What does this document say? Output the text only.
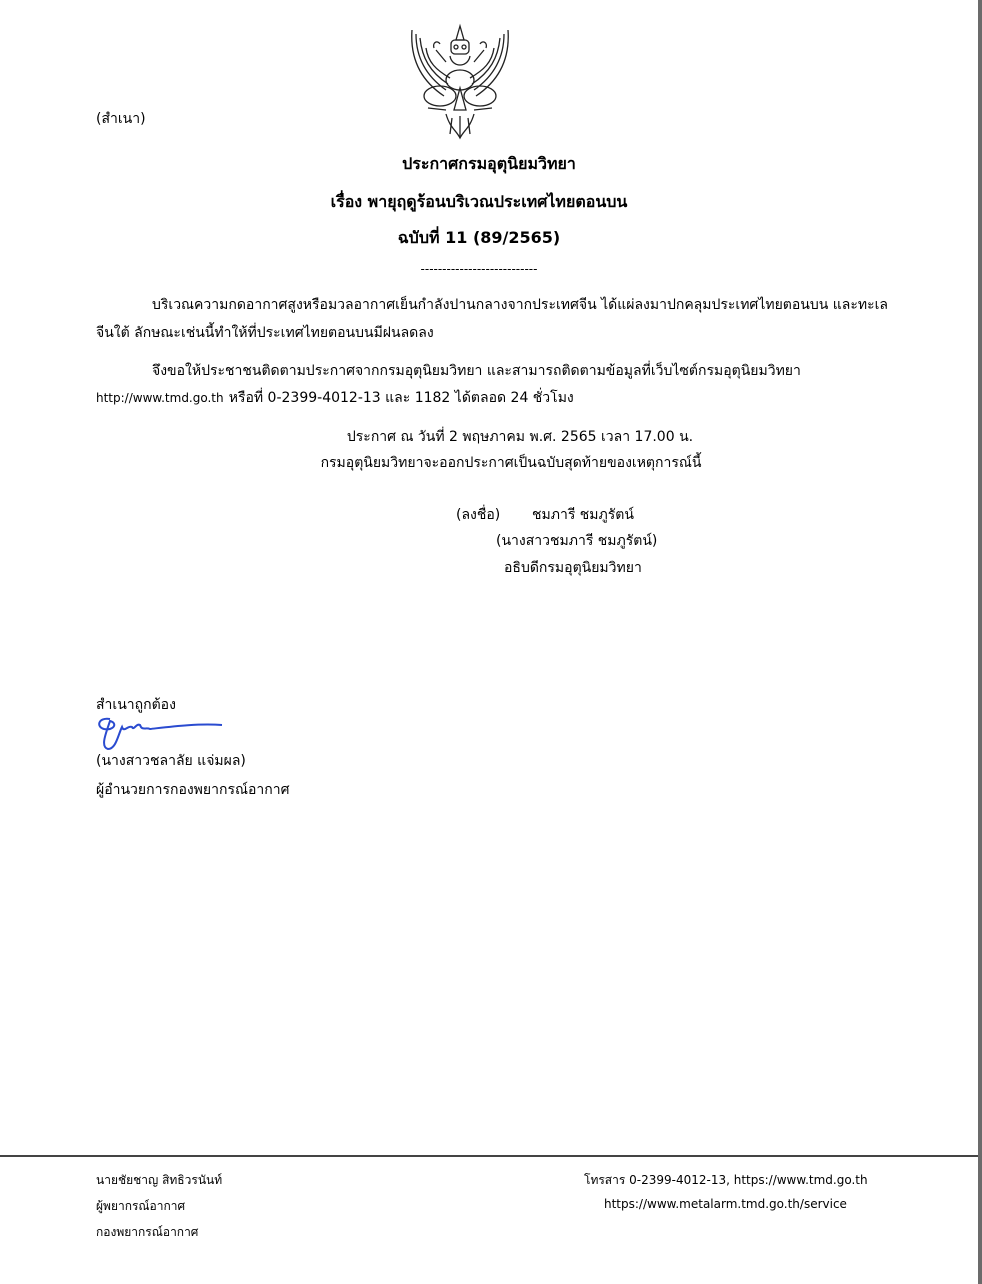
(สำเนา)
ประกาศกรมอุตุนิยมวิทยา
เรื่อง พายุฤดูร้อนบริเวณประเทศไทยตอนบน
ฉบับที่ 11 (89/2565)
---------------------------
บริเวณความกดอากาศสูงหรือมวลอากาศเย็นกำลังปานกลางจากประเทศจีน ได้แผ่ลงมาปกคลุมประเทศไทยตอนบน และทะเล
จีนใต้ ลักษณะเช่นนี้ทำให้ที่ประเทศไทยตอนบนมีฝนลดลง
จึงขอให้ประชาชนติดตามประกาศจากกรมอุตุนิยมวิทยา และสามารถติดตามข้อมูลที่เว็บไซต์กรมอุตุนิยมวิทยา
http://www.tmd.go.th หรือที่ 0-2399-4012-13 และ 1182 ได้ตลอด 24 ชั่วโมง
ประกาศ ณ วันที่ 2 พฤษภาคม พ.ศ. 2565 เวลา 17.00 น.
กรมอุตุนิยมวิทยาจะออกประกาศเป็นฉบับสุดท้ายของเหตุการณ์นี้
(ลงชื่อ) ชมภารี ชมภูรัตน์
(นางสาวชมภารี ชมภูรัตน์)
อธิบดีกรมอุตุนิยมวิทยา
สำเนาถูกต้อง
(นางสาวชลาลัย แจ่มผล)
ผู้อำนวยการกองพยากรณ์อากาศ
นายชัยชาญ สิทธิวรนันท์
ผู้พยากรณ์อากาศ
กองพยากรณ์อากาศ
โทรสาร 0-2399-4012-13, https://www.tmd.go.th
https://www.metalarm.tmd.go.th/service
